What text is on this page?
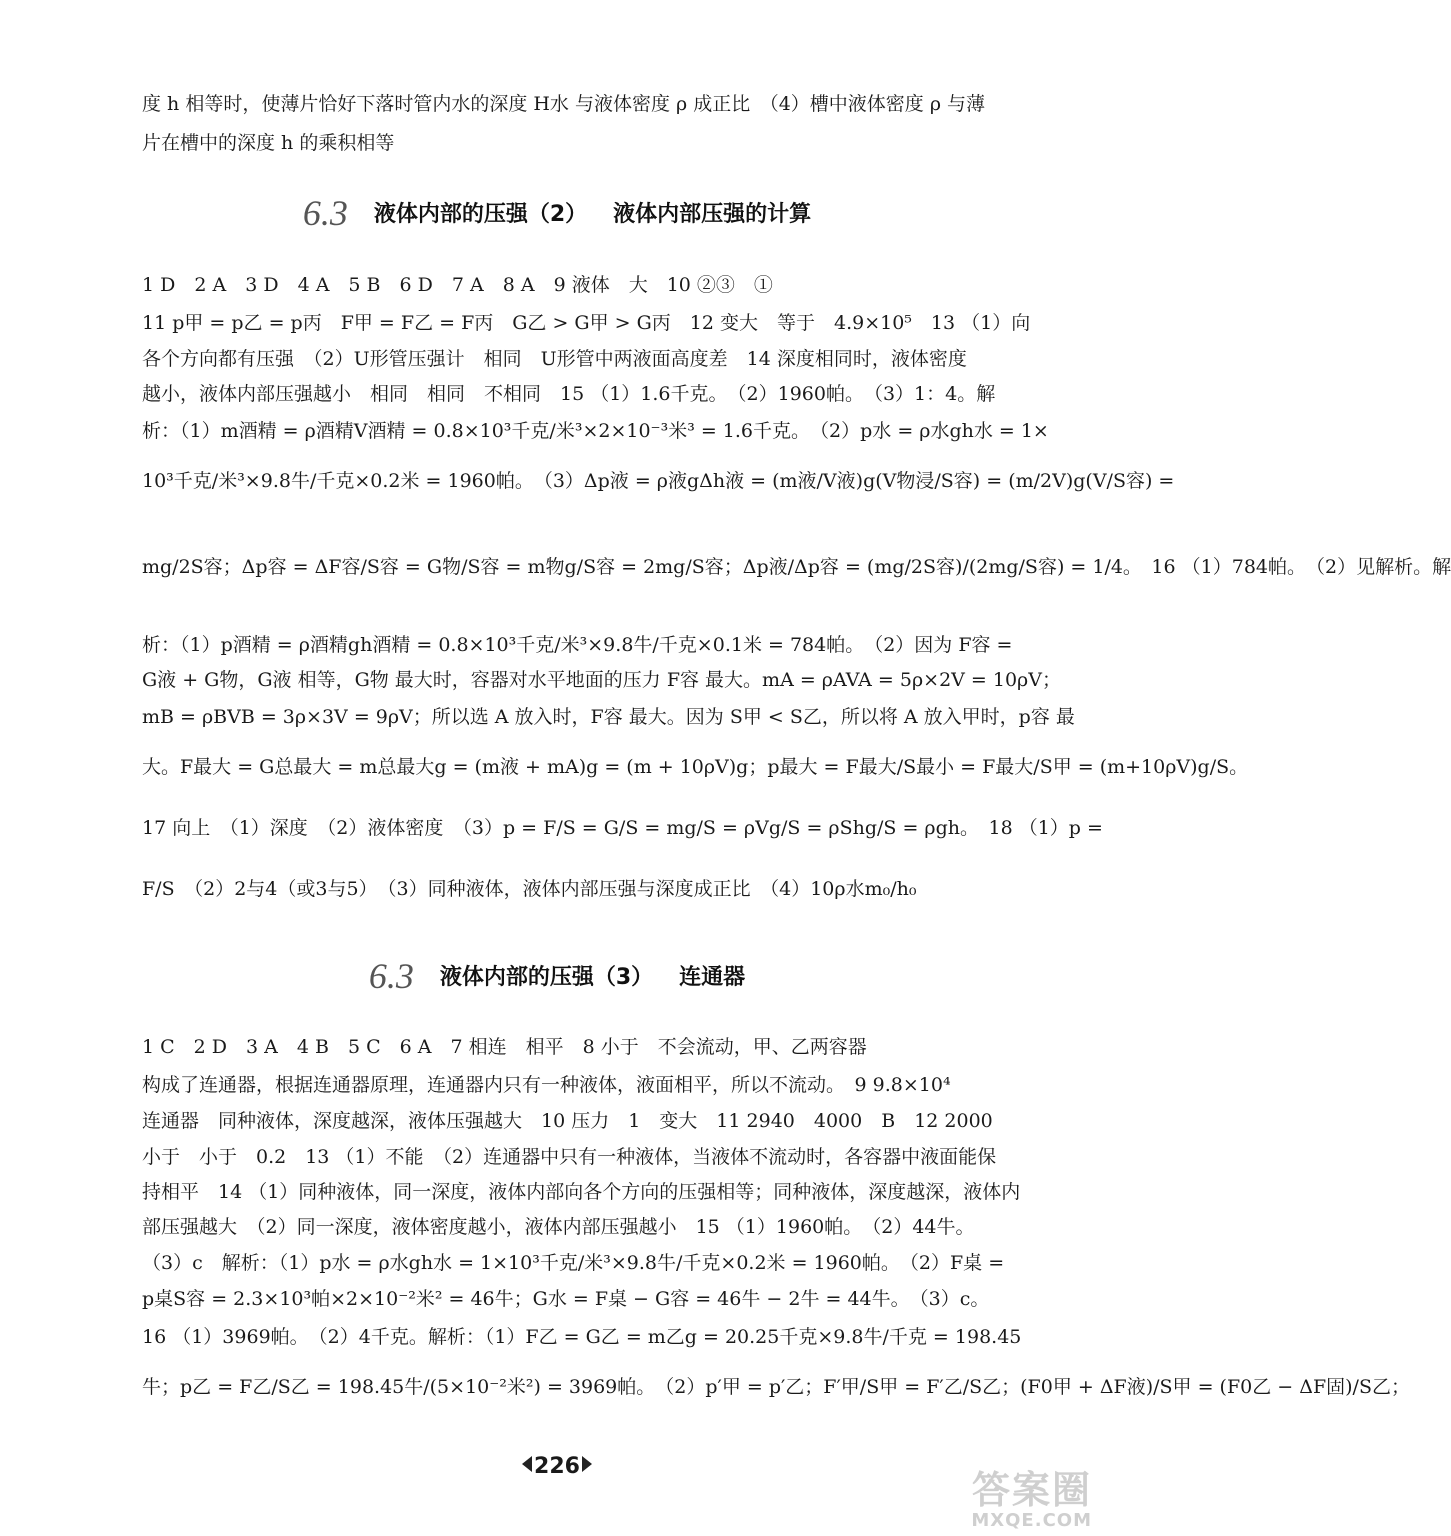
度 h 相等时，使薄片恰好下落时管内水的深度 H水 与液体密度 ρ 成正比　（4）槽中液体密度 ρ 与薄
片在槽中的深度 h 的乘积相等
6.3 液体内部的压强（2） 液体内部压强的计算
1 D　2 A　3 D　4 A　5 B　6 D　7 A　8 A　9 液体　大　10 ②③　①
11 p甲 = p乙 = p丙　F甲 = F乙 = F丙　G乙 > G甲 > G丙　12 变大　等于　4.9×10⁵　13 （1）向
各个方向都有压强　（2）U形管压强计　相同　U形管中两液面高度差　14 深度相同时，液体密度
越小，液体内部压强越小　相同　相同　不相同　15 （1）1.6千克。　（2）1960帕。　（3）1：4。解
析：（1）m酒精 = ρ酒精V酒精 = 0.8×10³千克/米³×2×10⁻³米³ = 1.6千克。　（2）p水 = ρ水gh水 = 1×
10³千克/米³×9.8牛/千克×0.2米 = 1960帕。　（3）Δp液 = ρ液gΔh液 = (m液/V液)g(V物浸/S容) = (m/2V)g(V/S容) =
mg/2S容；Δp容 = ΔF容/S容 = G物/S容 = m物g/S容 = 2mg/S容；Δp液/Δp容 = (mg/2S容)/(2mg/S容) = 1/4。　16 （1）784帕。　（2）见解析。解
析：（1）p酒精 = ρ酒精gh酒精 = 0.8×10³千克/米³×9.8牛/千克×0.1米 = 784帕。　（2）因为 F容 =
G液 + G物，G液 相等，G物 最大时，容器对水平地面的压力 F容 最大。mA = ρAVA = 5ρ×2V = 10ρV；
mB = ρBVB = 3ρ×3V = 9ρV；所以选 A 放入时，F容 最大。因为 S甲 < S乙，所以将 A 放入甲时，p容 最
大。F最大 = G总最大 = m总最大g = (m液 + mA)g = (m + 10ρV)g；p最大 = F最大/S最小 = F最大/S甲 = (m+10ρV)g/S。
17 向上　（1）深度　（2）液体密度　（3）p = F/S = G/S = mg/S = ρVg/S = ρShg/S = ρgh。　18 （1）p =
F/S　（2）2与4（或3与5）　（3）同种液体，液体内部压强与深度成正比　（4）10ρ水m₀/h₀
6.3 液体内部的压强（3） 连通器
1 C　2 D　3 A　4 B　5 C　6 A　7 相连　相平　8 小于　不会流动，甲、乙两容器
构成了连通器，根据连通器原理，连通器内只有一种液体，液面相平，所以不流动。　9 9.8×10⁴
连通器　同种液体，深度越深，液体压强越大　10 压力　1　变大　11 2940　4000　B　12 2000
小于　小于　0.2　13 （1）不能　（2）连通器中只有一种液体，当液体不流动时，各容器中液面能保
持相平　14 （1）同种液体，同一深度，液体内部向各个方向的压强相等；同种液体，深度越深，液体内
部压强越大　（2）同一深度，液体密度越小，液体内部压强越小　15 （1）1960帕。　（2）44牛。
（3）c　解析：（1）p水 = ρ水gh水 = 1×10³千克/米³×9.8牛/千克×0.2米 = 1960帕。　（2）F桌 =
p桌S容 = 2.3×10³帕×2×10⁻²米² = 46牛；G水 = F桌 − G容 = 46牛 − 2牛 = 44牛。　（3）c。
16 （1）3969帕。　（2）4千克。解析：（1）F乙 = G乙 = m乙g = 20.25千克×9.8牛/千克 = 198.45
牛；p乙 = F乙/S乙 = 198.45牛/(5×10⁻²米²) = 3969帕。　（2）p′甲 = p′乙；F′甲/S甲 = F′乙/S乙；(F0甲 + ΔF液)/S甲 = (F0乙 − ΔF固)/S乙；
226
答案圈
MXQE.COM
